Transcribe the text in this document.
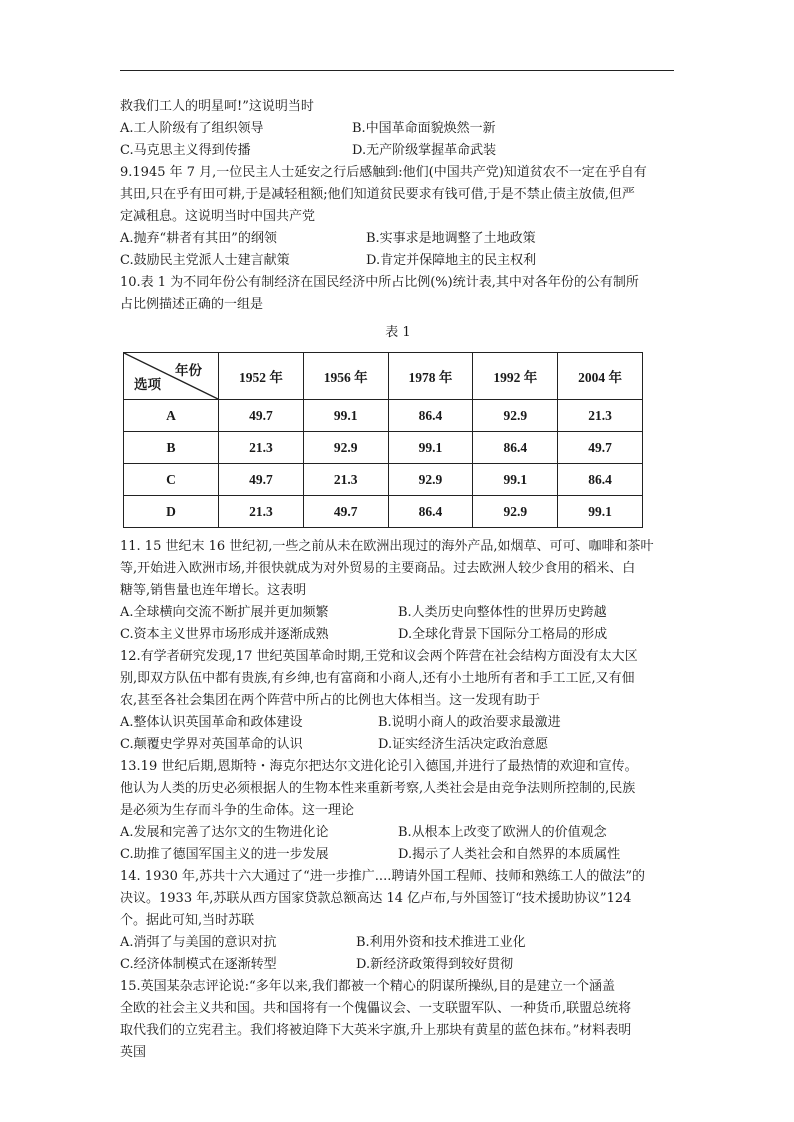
救我们工人的明星呵!”这说明当时
A.工人阶级有了组织领导	B.中国革命面貌焕然一新
C.马克思主义得到传播	D.无产阶级掌握革命武装
9.1945 年 7 月,一位民主人士延安之行后感触到:他们(中国共产党)知道贫农不一定在乎自有
其田,只在乎有田可耕,于是减轻租额;他们知道贫民要求有钱可借,于是不禁止债主放债,但严
定减租息。这说明当时中国共产党
A.抛弃“耕者有其田”的纲领	B.实事求是地调整了土地政策
C.鼓励民主党派人士建言献策	D.肯定并保障地主的民主权利
10.表 1 为不同年份公有制经济在国民经济中所占比例(%)统计表,其中对各年份的公有制所
占比例描述正确的一组是
表 1
年份
选项	1952 年	1956 年	1978 年	1992 年	2004 年
A	49.7	99.1	86.4	92.9	21.3
B	21.3	92.9	99.1	86.4	49.7
C	49.7	21.3	92.9	99.1	86.4
D	21.3	49.7	86.4	92.9	99.1
11. 15 世纪末 16 世纪初,一些之前从未在欧洲出现过的海外产品,如烟草、可可、咖啡和茶叶
等,开始进入欧洲市场,并很快就成为对外贸易的主要商品。过去欧洲人较少食用的稻米、白
糖等,销售量也连年增长。这表明
A.全球横向交流不断扩展并更加频繁	B.人类历史向整体性的世界历史跨越
C.资本主义世界市场形成并逐渐成熟	D.全球化背景下国际分工格局的形成
12.有学者研究发现,17 世纪英国革命时期,王党和议会两个阵营在社会结构方面没有太大区
别,即双方队伍中都有贵族,有乡绅,也有富商和小商人,还有小土地所有者和手工工匠,又有佃
农,甚至各社会集团在两个阵营中所占的比例也大体相当。这一发现有助于
A.整体认识英国革命和政体建设	B.说明小商人的政治要求最激进
C.颠覆史学界对英国革命的认识	D.证实经济生活决定政治意愿
13.19 世纪后期,恩斯特・海克尔把达尔文进化论引入德国,并进行了最热情的欢迎和宣传。
他认为人类的历史必须根据人的生物本性来重新考察,人类社会是由竞争法则所控制的,民族
是必须为生存而斗争的生命体。这一理论
A.发展和完善了达尔文的生物进化论	B.从根本上改变了欧洲人的价值观念
C.助推了德国军国主义的进一步发展	D.揭示了人类社会和自然界的本质属性
14. 1930 年,苏共十六大通过了“进一步推广....聘请外国工程师、技师和熟练工人的做法”的
决议。1933 年,苏联从西方国家贷款总额高达 14 亿卢布,与外国签订“技术援助协议”124
个。据此可知,当时苏联
A.消弭了与美国的意识对抗	B.利用外资和技术推进工业化
C.经济体制模式在逐渐转型	D.新经济政策得到较好贯彻
15.英国某杂志评论说:“多年以来,我们都被一个精心的阴谋所操纵,目的是建立一个涵盖
全欧的社会主义共和国。共和国将有一个傀儡议会、一支联盟军队、一种货币,联盟总统将
取代我们的立宪君主。我们将被迫降下大英米字旗,升上那块有黄星的蓝色抹布。”材料表明
英国
